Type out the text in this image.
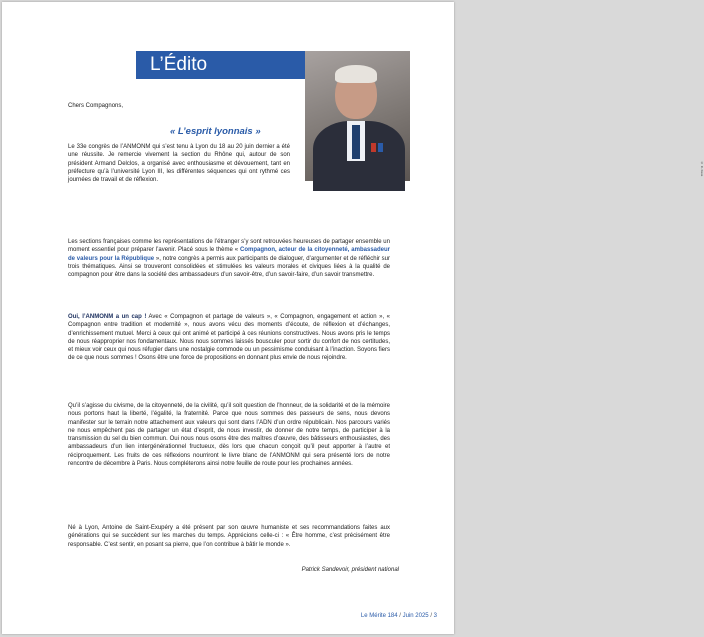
L’Édito
© C. Feve

Chers Compagnons,

« L’esprit lyonnais »

Le 33e congrès de l’ANMONM qui s’est tenu à Lyon du 18 au 20 juin dernier a été une réussite. Je remercie vivement la section du Rhône qui, autour de son président Armand Delclos, a organisé avec enthousiasme et dévouement, tant en préfecture qu’à l’université Lyon III, les différentes séquences qui ont rythmé ces journées de travail et de réflexion.

Les sections françaises comme les représentations de l’étranger s’y sont retrouvées heureuses de partager ensemble un moment essentiel pour préparer l’avenir. Placé sous le thème « Compagnon, acteur de la citoyenneté, ambassadeur de valeurs pour la République », notre congrès a permis aux participants de dialoguer, d’argumenter et de réfléchir sur trois thématiques. Ainsi se trouveront consolidées et stimulées les valeurs morales et civiques liées à la qualité de compagnon pour être dans la société des ambassadeurs d’un savoir-être, d’un savoir-faire, d’un savoir transmettre.

Oui, l’ANMONM a un cap ! Avec « Compagnon et partage de valeurs », « Compagnon, engagement et action », « Compagnon entre tradition et modernité », nous avons vécu des moments d’écoute, de réflexion et d’échanges, d’enrichissement mutuel. Merci à ceux qui ont animé et participé à ces réunions constructives. Nous avons pris le temps de nous réapproprier nos fondamentaux. Nous nous sommes laissés bousculer pour sortir du confort de nos certitudes, et mieux voir ceux qui nous réfugier dans une nostalgie commode ou un pessimisme conduisant à l’inaction. Soyons fiers de ce que nous sommes ! Osons être une force de propositions en donnant plus envie de nous rejoindre.

Qu’il s’agisse du civisme, de la citoyenneté, de la civilité, qu’il soit question de l’honneur, de la solidarité et de la mémoire nous portons haut la liberté, l’égalité, la fraternité. Parce que nous sommes des passeurs de sens, nous devons manifester sur le terrain notre attachement aux valeurs qui sont dans l’ADN d’un ordre républicain. Nos parcours variés ne nous empêchent pas de partager un état d’esprit, de nous investir, de donner de notre temps, de participer à la transmission du sel du bien commun. Oui nous nous osons être des maîtres d’œuvre, des bâtisseurs enthousiastes, des ambassadeurs d’un lien intergénérationnel fructueux, dès lors que chacun conçoit qu’il peut apporter à l’autre et réciproquement. Les fruits de ces réflexions nourriront le livre blanc de l’ANMONM qui sera présenté lors de notre rencontre de décembre à Paris. Nous compléterons ainsi notre feuille de route pour les prochaines années.

Né à Lyon, Antoine de Saint-Exupéry a été présent par son œuvre humaniste et ses recommandations faites aux générations qui se succèdent sur les marches du temps. Apprécions celle-ci : « Être homme, c’est précisément être responsable. C’est sentir, en posant sa pierre, que l’on contribue à bâtir le monde ».

Patrick Sandevoir, président national
Le Mérite 184 / Juin 2025 / 3
